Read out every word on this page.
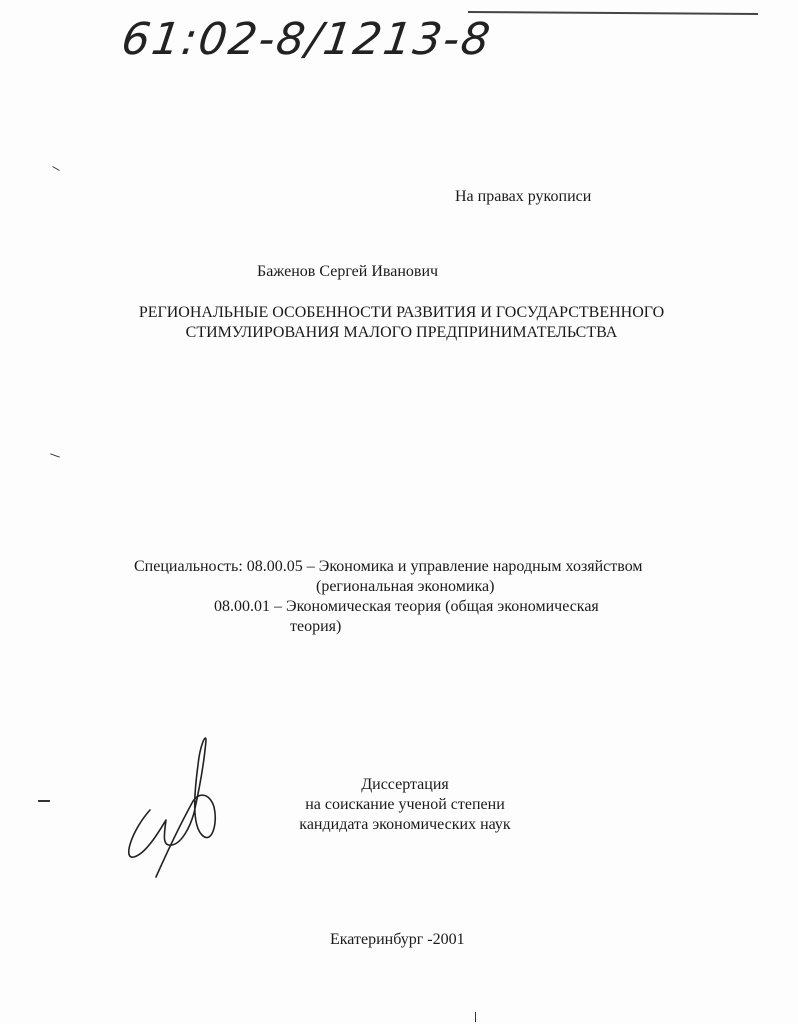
61:02-8/1213-8
На правах рукописи
Баженов Сергей Иванович
РЕГИОНАЛЬНЫЕ ОСОБЕННОСТИ РАЗВИТИЯ И ГОСУДАРСТВЕННОГО
СТИМУЛИРОВАНИЯ МАЛОГО ПРЕДПРИНИМАТЕЛЬСТВА
Специальность: 08.00.05 – Экономика и управление народным хозяйством
(региональная экономика)
08.00.01 – Экономическая теория (общая экономическая
теория)
Диссертация
на соискание ученой степени
кандидата экономических наук
Екатеринбург -2001
